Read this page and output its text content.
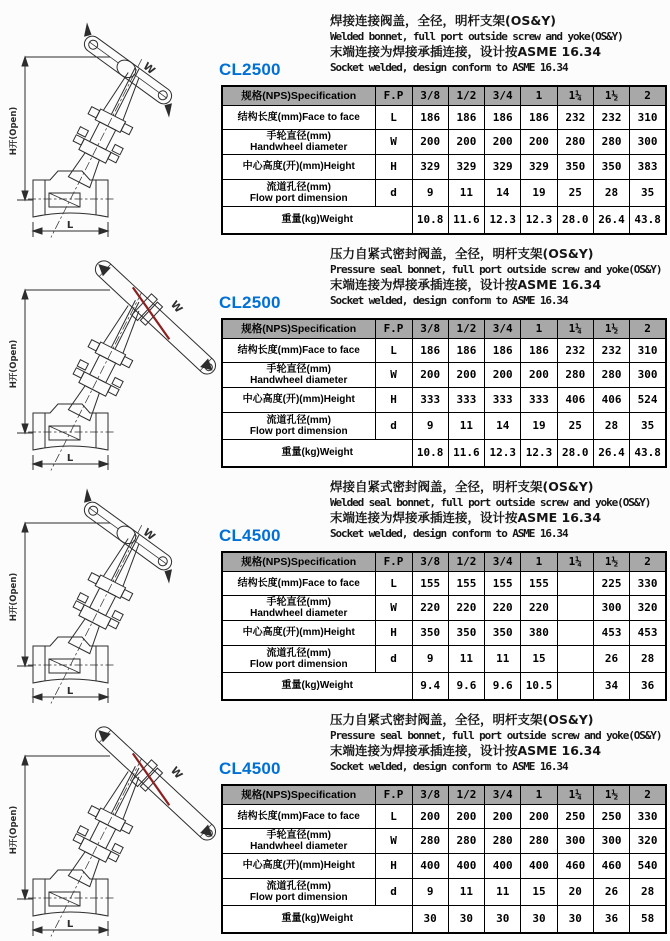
H开(Open)
L
W
焊接连接阀盖，全径，明杆支架(OS&Y)
Welded bonnet, full port outside screw and yoke(OS&Y)
末端连接为焊接承插连接，设计按ASME 16.34
Socket welded, design conform to ASME 16.34
CL2500
规格(NPS)Specification	F.P	3/8	1/2	3/4	1	1¼	1½	2

结构长度(mm)Face to face	L	186	186	186	186	232	232	310

手轮直径(mm)
Handwheel diameter	W	200	200	200	200	280	280	300

中心高度(开)(mm)Height	H	329	329	329	329	350	350	383

流道孔径(mm)
Flow port dimension	d	9	11	14	19	25	28	35

重量(kg)Weight		10.8	11.6	12.3	12.3	28.0	26.4	43.8
H开(Open)
L
W
压力自紧式密封阀盖，全径，明杆支架(OS&Y)
Pressure seal bonnet, full port outside screw and yoke(OS&Y)
末端连接为焊接承插连接，设计按ASME 16.34
Socket welded, design conform to ASME 16.34
CL2500
规格(NPS)Specification	F.P	3/8	1/2	3/4	1	1¼	1½	2

结构长度(mm)Face to face	L	186	186	186	186	232	232	310

手轮直径(mm)
Handwheel diameter	W	200	200	200	200	280	280	300

中心高度(开)(mm)Height	H	333	333	333	333	406	406	524

流道孔径(mm)
Flow port dimension	d	9	11	14	19	25	28	35

重量(kg)Weight		10.8	11.6	12.3	12.3	28.0	26.4	43.8
H开(Open)
L
W
焊接自紧式密封阀盖，全径，明杆支架(OS&Y)
Welded seal bonnet, full port outside screw and yoke(OS&Y)
末端连接为焊接承插连接，设计按ASME 16.34
Socket welded, design conform to ASME 16.34
CL4500
规格(NPS)Specification	F.P	3/8	1/2	3/4	1	1¼	1½	2

结构长度(mm)Face to face	L	155	155	155	155		225	330

手轮直径(mm)
Handwheel diameter	W	220	220	220	220		300	320

中心高度(开)(mm)Height	H	350	350	350	380		453	453

流道孔径(mm)
Flow port dimension	d	9	11	11	15		26	28

重量(kg)Weight		9.4	9.6	9.6	10.5		34	36
H开(Open)
L
W
压力自紧式密封阀盖，全径，明杆支架(OS&Y)
Pressure seal bonnet, full port outside screw and yoke(OS&Y)
末端连接为焊接承插连接，设计按ASME 16.34
Socket welded, design conform to ASME 16.34
CL4500
规格(NPS)Specification	F.P	3/8	1/2	3/4	1	1¼	1½	2

结构长度(mm)Face to face	L	200	200	200	200	250	250	330

手轮直径(mm)
Handwheel diameter	W	280	280	280	280	300	300	320

中心高度(开)(mm)Height	H	400	400	400	400	460	460	540

流道孔径(mm)
Flow port dimension	d	9	11	11	15	20	26	28

重量(kg)Weight		30	30	30	30	30	36	58
